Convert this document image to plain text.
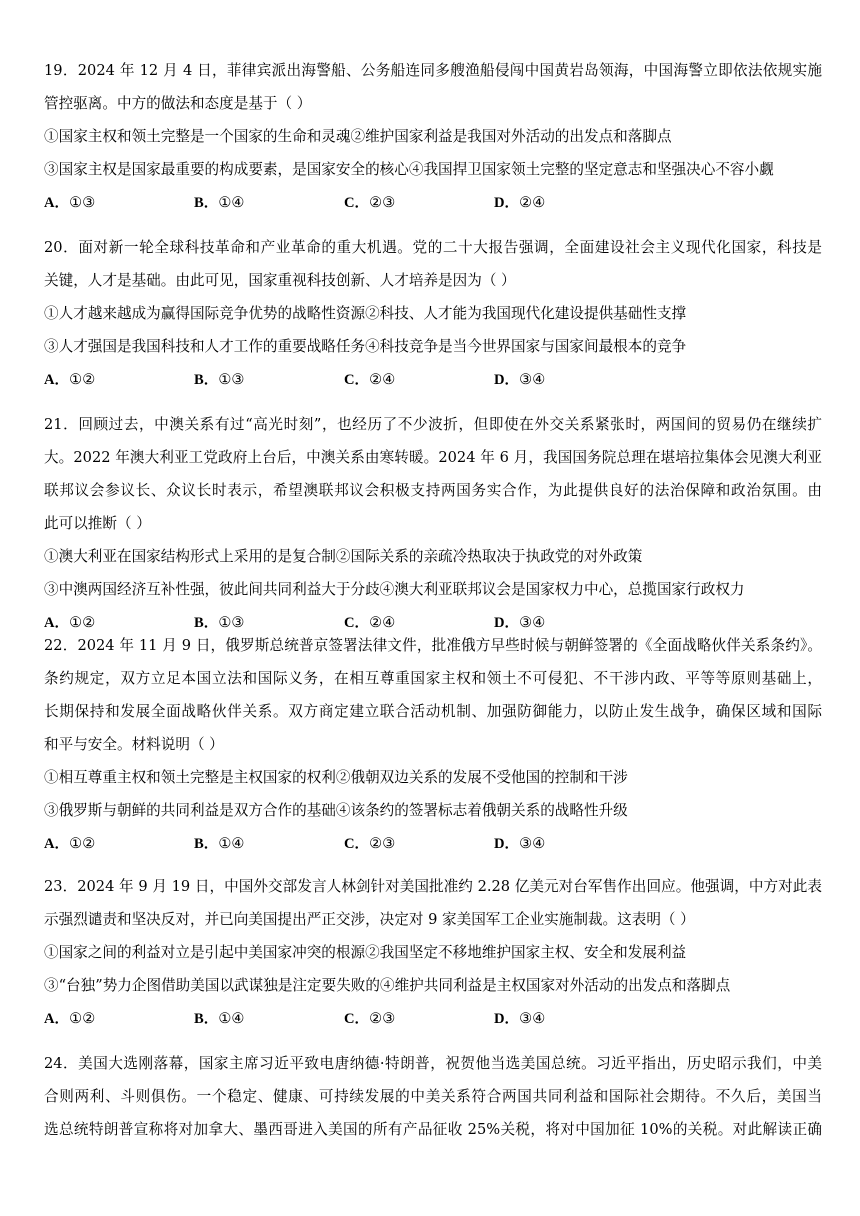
19．2024 年 12 月 4 日，菲律宾派出海警船、公务船连同多艘渔船侵闯中国黄岩岛领海，中国海警立即依法依规实施
管控驱离。中方的做法和态度是基于（ ）
①国家主权和领土完整是一个国家的生命和灵魂②维护国家利益是我国对外活动的出发点和落脚点
③国家主权是国家最重要的构成要素，是国家安全的核心④我国捍卫国家领土完整的坚定意志和坚强决心不容小觑
A．①③	B．①④	C．②③	D．②④
20．面对新一轮全球科技革命和产业革命的重大机遇。党的二十大报告强调，全面建设社会主义现代化国家，科技是
关键，人才是基础。由此可见，国家重视科技创新、人才培养是因为（ ）
①人才越来越成为赢得国际竞争优势的战略性资源②科技、人才能为我国现代化建设提供基础性支撑
③人才强国是我国科技和人才工作的重要战略任务④科技竞争是当今世界国家与国家间最根本的竞争
A．①②	B．①③	C．②④	D．③④
21．回顾过去，中澳关系有过“高光时刻”，也经历了不少波折，但即使在外交关系紧张时，两国间的贸易仍在继续扩
大。2022 年澳大利亚工党政府上台后，中澳关系由寒转暖。2024 年 6 月，我国国务院总理在堪培拉集体会见澳大利亚
联邦议会参议长、众议长时表示，希望澳联邦议会积极支持两国务实合作，为此提供良好的法治保障和政治氛围。由
此可以推断（ ）
①澳大利亚在国家结构形式上采用的是复合制②国际关系的亲疏冷热取决于执政党的对外政策
③中澳两国经济互补性强，彼此间共同利益大于分歧④澳大利亚联邦议会是国家权力中心，总揽国家行政权力
A．①②	B．①③	C．②④	D．③④
22．2024 年 11 月 9 日，俄罗斯总统普京签署法律文件，批准俄方早些时候与朝鲜签署的《全面战略伙伴关系条约》。
条约规定，双方立足本国立法和国际义务，在相互尊重国家主权和领土不可侵犯、不干涉内政、平等等原则基础上，
长期保持和发展全面战略伙伴关系。双方商定建立联合活动机制、加强防御能力，以防止发生战争，确保区域和国际
和平与安全。材料说明（ ）
①相互尊重主权和领土完整是主权国家的权利②俄朝双边关系的发展不受他国的控制和干涉
③俄罗斯与朝鲜的共同利益是双方合作的基础④该条约的签署标志着俄朝关系的战略性升级
A．①②	B．①④	C．②③	D．③④
23．2024 年 9 月 19 日，中国外交部发言人林剑针对美国批准约 2.28 亿美元对台军售作出回应。他强调，中方对此表
示强烈谴责和坚决反对，并已向美国提出严正交涉，决定对 9 家美国军工企业实施制裁。这表明（ ）
①国家之间的利益对立是引起中美国家冲突的根源②我国坚定不移地维护国家主权、安全和发展利益
③“台独”势力企图借助美国以武谋独是注定要失败的④维护共同利益是主权国家对外活动的出发点和落脚点
A．①②	B．①④	C．②③	D．③④
24．美国大选刚落幕，国家主席习近平致电唐纳德·特朗普，祝贺他当选美国总统。习近平指出，历史昭示我们，中美
合则两利、斗则俱伤。一个稳定、健康、可持续发展的中美关系符合两国共同利益和国际社会期待。不久后，美国当
选总统特朗普宣称将对加拿大、墨西哥进入美国的所有产品征收 25%关税，将对中国加征 10%的关税。对此解读正确
